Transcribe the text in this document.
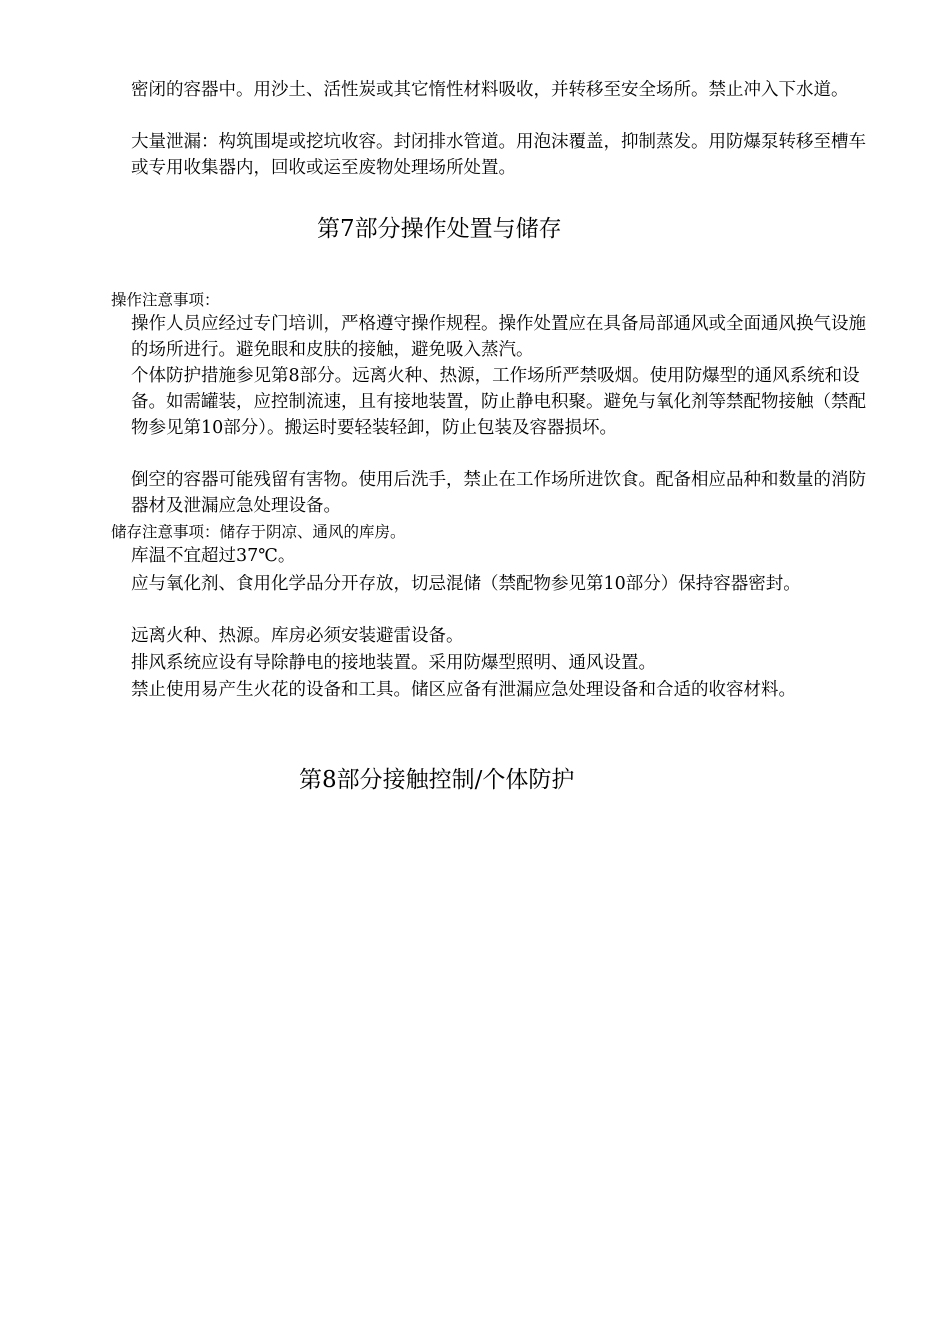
密闭的容器中。用沙土、活性炭或其它惰性材料吸收，并转移至安全场所。禁止冲入下水道。

大量泄漏：构筑围堤或挖坑收容。封闭排水管道。用泡沫覆盖，抑制蒸发。用防爆泵转移至槽车或专用收集器内，回收或运至废物处理场所处置。

第7部分操作处置与储存

操作注意事项：

操作人员应经过专门培训，严格遵守操作规程。操作处置应在具备局部通风或全面通风换气设施的场所进行。避免眼和皮肤的接触，避免吸入蒸汽。

个体防护措施参见第8部分。远离火种、热源，工作场所严禁吸烟。使用防爆型的通风系统和设备。如需罐装，应控制流速，且有接地装置，防止静电积聚。避免与氧化剂等禁配物接触（禁配物参见第10部分）。搬运时要轻装轻卸，防止包装及容器损坏。

倒空的容器可能残留有害物。使用后洗手，禁止在工作场所进饮食。配备相应品种和数量的消防器材及泄漏应急处理设备。

储存注意事项：储存于阴凉、通风的库房。

库温不宜超过37℃。

应与氧化剂、食用化学品分开存放，切忌混储（禁配物参见第10部分）保持容器密封。

远离火种、热源。库房必须安装避雷设备。

排风系统应设有导除静电的接地装置。采用防爆型照明、通风设置。

禁止使用易产生火花的设备和工具。储区应备有泄漏应急处理设备和合适的收容材料。

第8部分接触控制/个体防护
